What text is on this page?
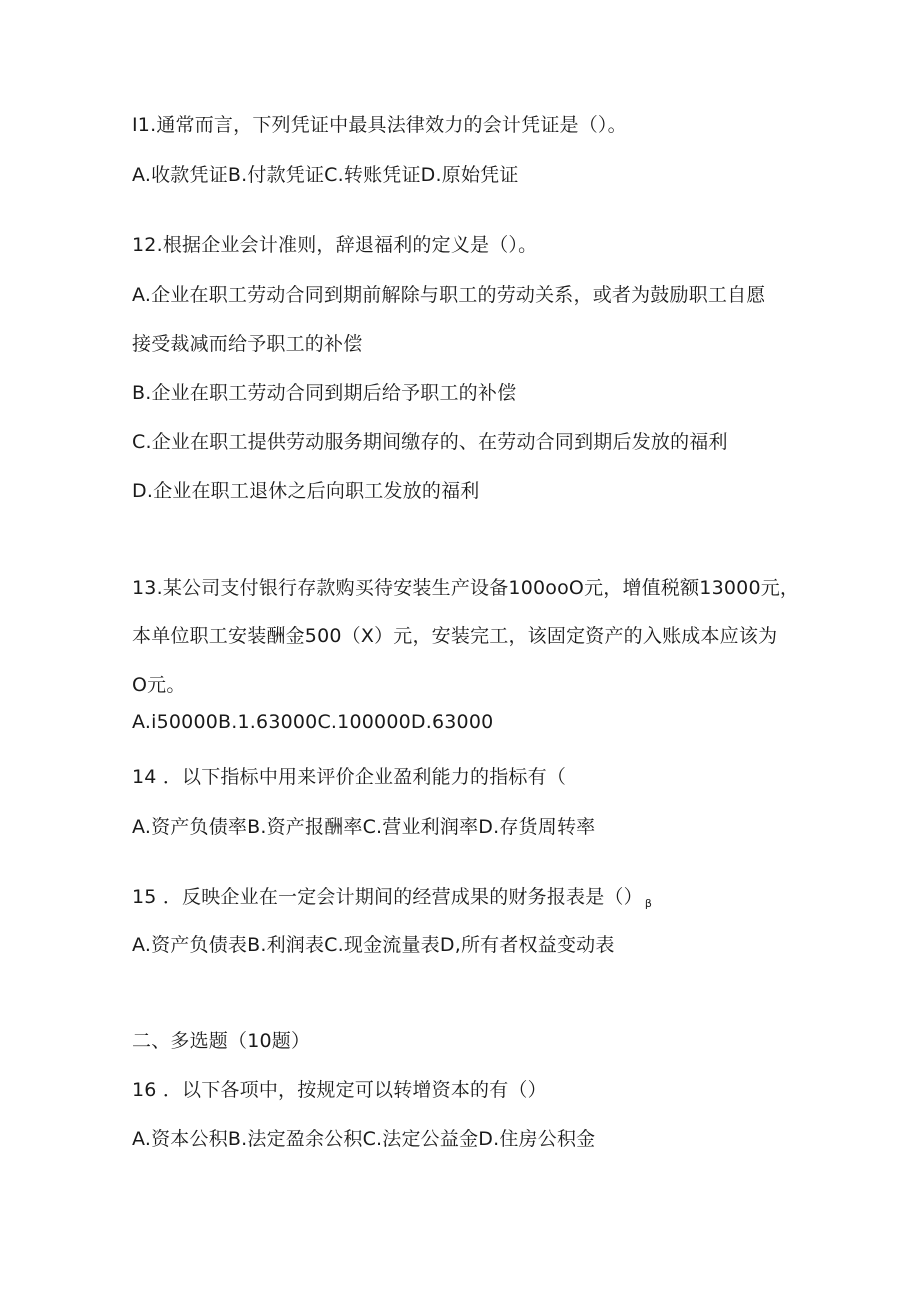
I1.通常而言，下列凭证中最具法律效力的会计凭证是（）。
A.收款凭证B.付款凭证C.转账凭证D.原始凭证
12.根据企业会计准则，辞退福利的定义是（）。
A.企业在职工劳动合同到期前解除与职工的劳动关系，或者为鼓励职工自愿
接受裁减而给予职工的补偿
B.企业在职工劳动合同到期后给予职工的补偿
C.企业在职工提供劳动服务期间缴存的、在劳动合同到期后发放的福利
D.企业在职工退休之后向职工发放的福利
13.某公司支付银行存款购买待安装生产设备100ooO元，增值税额13000元，
本单位职工安装酬金500（X）元，安装完工，该固定资产的入账成本应该为
O元。
A.i50000B.1.63000C.100000D.63000
14 ．以下指标中用来评价企业盈利能力的指标有（
A.资产负债率B.资产报酬率C.营业利润率D.存货周转率
15 ．反映企业在一定会计期间的经营成果的财务报表是（） $_\beta$
A.资产负债表B.利润表C.现金流量表D,所有者权益变动表
二、多选题（10题）
16 ．以下各项中，按规定可以转增资本的有（）
A.资本公积B.法定盈余公积C.法定公益金D.住房公积金
